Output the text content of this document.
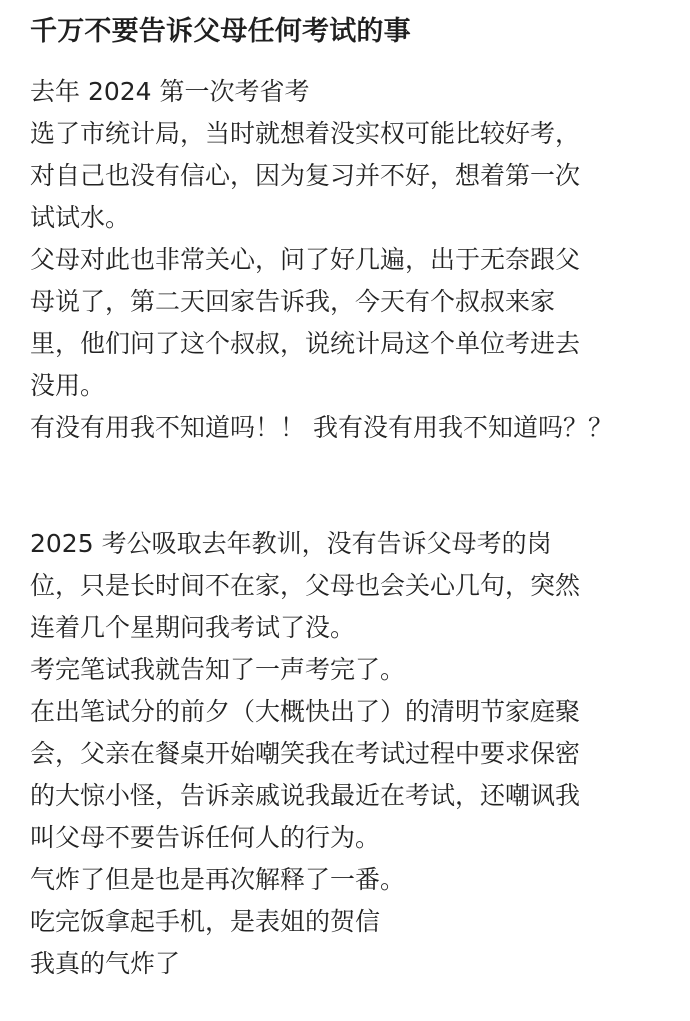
千万不要告诉父母任何考试的事
去年 2024 第一次考省考
选了市统计局，当时就想着没实权可能比较好考，
对自己也没有信心，因为复习并不好，想着第一次
试试水。
父母对此也非常关心，问了好几遍，出于无奈跟父
母说了，第二天回家告诉我，今天有个叔叔来家
里，他们问了这个叔叔，说统计局这个单位考进去
没用。
有没有用我不知道吗！！ 我有没有用我不知道吗？？
2025 考公吸取去年教训，没有告诉父母考的岗
位，只是长时间不在家，父母也会关心几句，突然
连着几个星期问我考试了没。
考完笔试我就告知了一声考完了。
在出笔试分的前夕（大概快出了）的清明节家庭聚
会，父亲在餐桌开始嘲笑我在考试过程中要求保密
的大惊小怪，告诉亲戚说我最近在考试，还嘲讽我
叫父母不要告诉任何人的行为。
气炸了但是也是再次解释了一番。
吃完饭拿起手机，是表姐的贺信
我真的气炸了
